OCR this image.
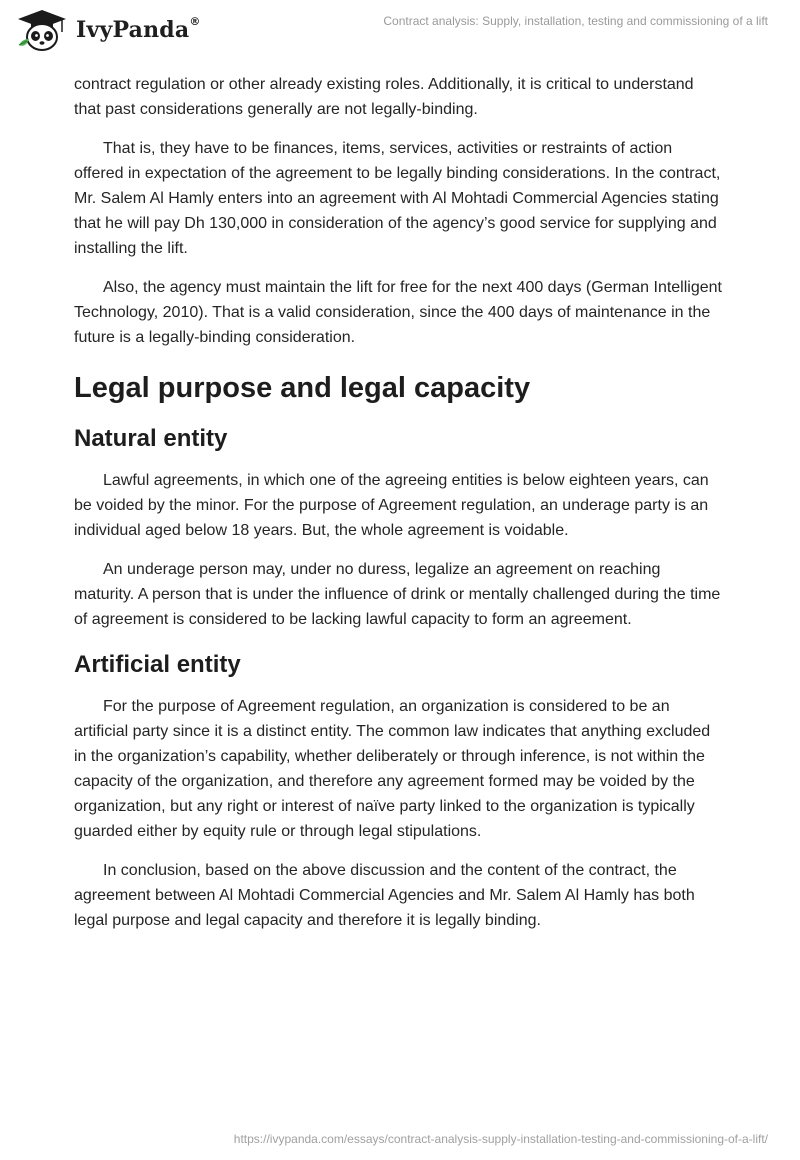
IvyPanda®	Contract analysis: Supply, installation, testing and commissioning of a lift

contract regulation or other already existing roles. Additionally, it is critical to understand that past considerations generally are not legally-binding.

That is, they have to be finances, items, services, activities or restraints of action offered in expectation of the agreement to be legally binding considerations. In the contract, Mr. Salem Al Hamly enters into an agreement with Al Mohtadi Commercial Agencies stating that he will pay Dh 130,000 in consideration of the agency’s good service for supplying and installing the lift.

Also, the agency must maintain the lift for free for the next 400 days (German Intelligent Technology, 2010). That is a valid consideration, since the 400 days of maintenance in the future is a legally-binding consideration.

Legal purpose and legal capacity
Natural entity

Lawful agreements, in which one of the agreeing entities is below eighteen years, can be voided by the minor. For the purpose of Agreement regulation, an underage party is an individual aged below 18 years. But, the whole agreement is voidable.

An underage person may, under no duress, legalize an agreement on reaching maturity. A person that is under the influence of drink or mentally challenged during the time of agreement is considered to be lacking lawful capacity to form an agreement.

Artificial entity

For the purpose of Agreement regulation, an organization is considered to be an artificial party since it is a distinct entity. The common law indicates that anything excluded in the organization’s capability, whether deliberately or through inference, is not within the capacity of the organization, and therefore any agreement formed may be voided by the organization, but any right or interest of naïve party linked to the organization is typically guarded either by equity rule or through legal stipulations.

In conclusion, based on the above discussion and the content of the contract, the agreement between Al Mohtadi Commercial Agencies and Mr. Salem Al Hamly has both legal purpose and legal capacity and therefore it is legally binding.

https://ivypanda.com/essays/contract-analysis-supply-installation-testing-and-commissioning-of-a-lift/
